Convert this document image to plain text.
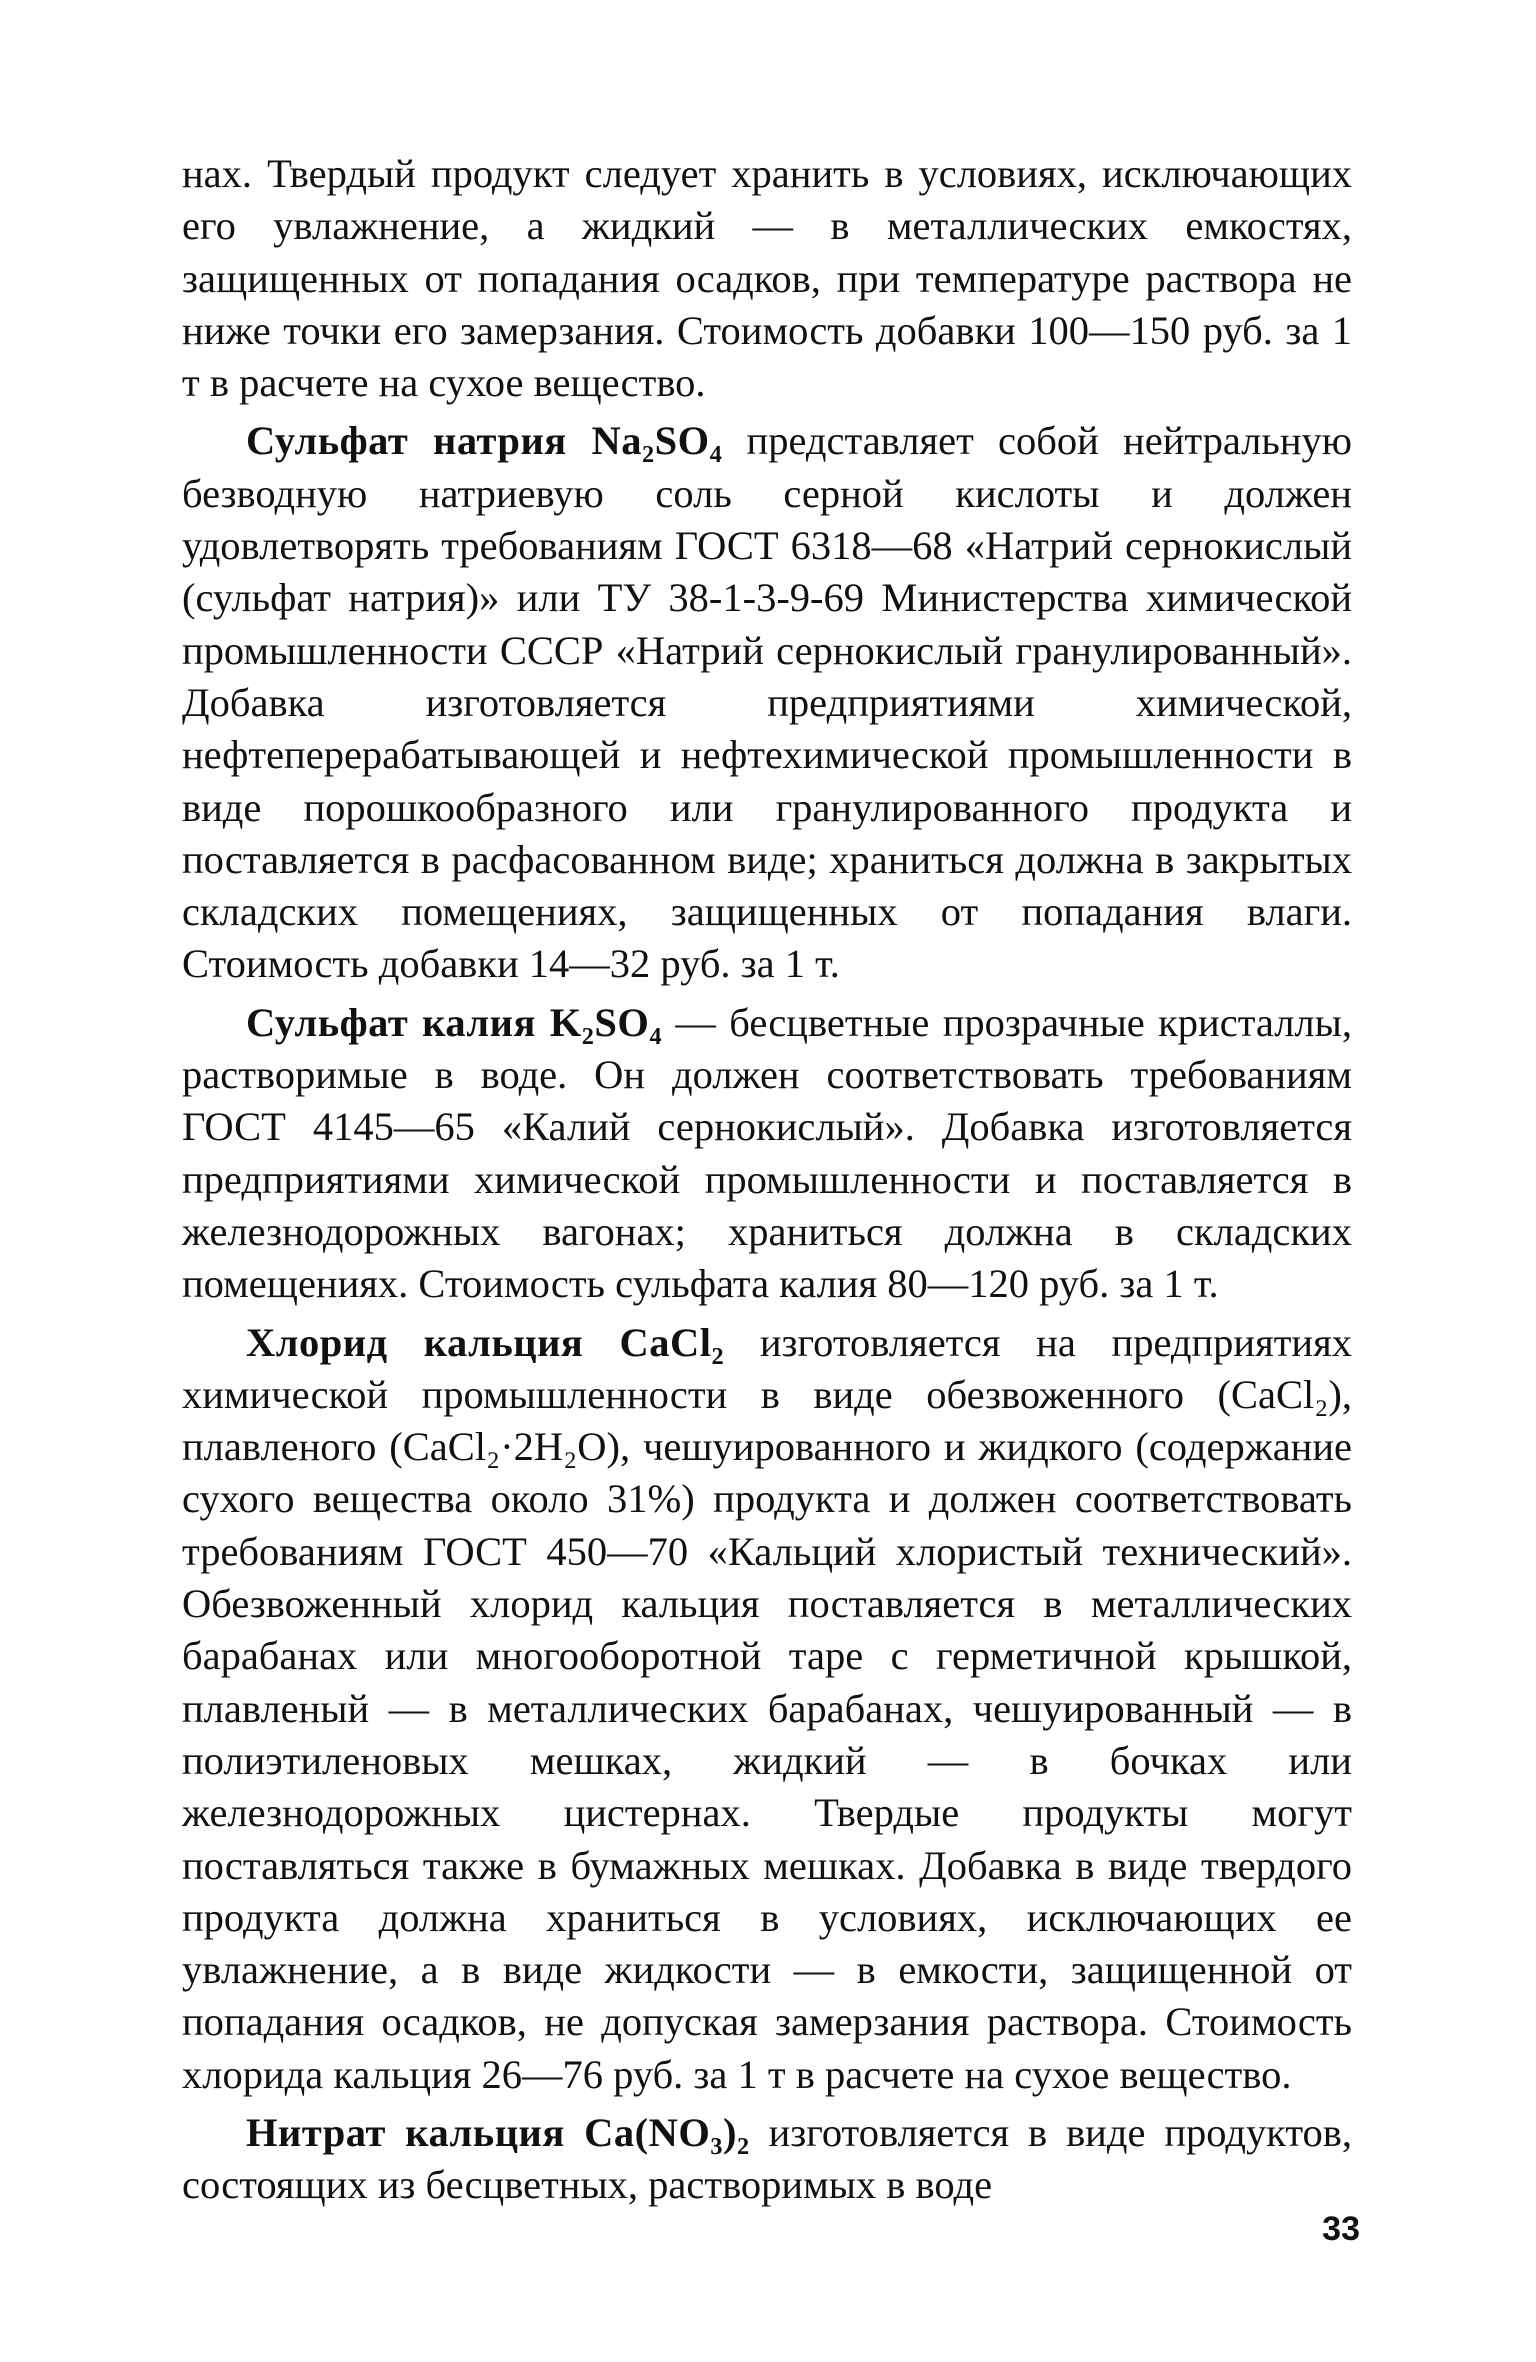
нах. Твердый продукт следует хранить в условиях, исключающих его увлажнение, а жидкий — в металлических емкостях, защищенных от попадания осадков, при температуре раствора не ниже точки его замерзания. Стоимость добавки 100—150 руб. за 1 т в расчете на сухое вещество.

Сульфат натрия Na₂SO₄ представляет собой нейтральную безводную натриевую соль серной кислоты и должен удовлетворять требованиям ГОСТ 6318—68 «Натрий сернокислый (сульфат натрия)» или ТУ 38-1-3-9-69 Министерства химической промышленности СССР «Натрий сернокислый гранулированный». Добавка изготовляется предприятиями химической, нефтеперерабатывающей и нефтехимической промышленности в виде порошкообразного или гранулированного продукта и поставляется в расфасованном виде; храниться должна в закрытых складских помещениях, защищенных от попадания влаги. Стоимость добавки 14—32 руб. за 1 т.

Сульфат калия K₂SO₄ — бесцветные прозрачные кристаллы, растворимые в воде. Он должен соответствовать требованиям ГОСТ 4145—65 «Калий сернокислый». Добавка изготовляется предприятиями химической промышленности и поставляется в железнодорожных вагонах; храниться должна в складских помещениях. Стоимость сульфата калия 80—120 руб. за 1 т.

Хлорид кальция CaCl₂ изготовляется на предприятиях химической промышленности в виде обезвоженного (CaCl₂), плавленого (CaCl₂·2H₂O), чешуированного и жидкого (содержание сухого вещества около 31%) продукта и должен соответствовать требованиям ГОСТ 450—70 «Кальций хлористый технический». Обезвоженный хлорид кальция поставляется в металлических барабанах или многооборотной таре с герметичной крышкой, плавленый — в металлических барабанах, чешуированный — в полиэтиленовых мешках, жидкий — в бочках или железнодорожных цистернах. Твердые продукты могут поставляться также в бумажных мешках. Добавка в виде твердого продукта должна храниться в условиях, исключающих ее увлажнение, а в виде жидкости — в емкости, защищенной от попадания осадков, не допуская замерзания раствора. Стоимость хлорида кальция 26—76 руб. за 1 т в расчете на сухое вещество.

Нитрат кальция Ca(NO₃)₂ изготовляется в виде продуктов, состоящих из бесцветных, растворимых в воде

33
